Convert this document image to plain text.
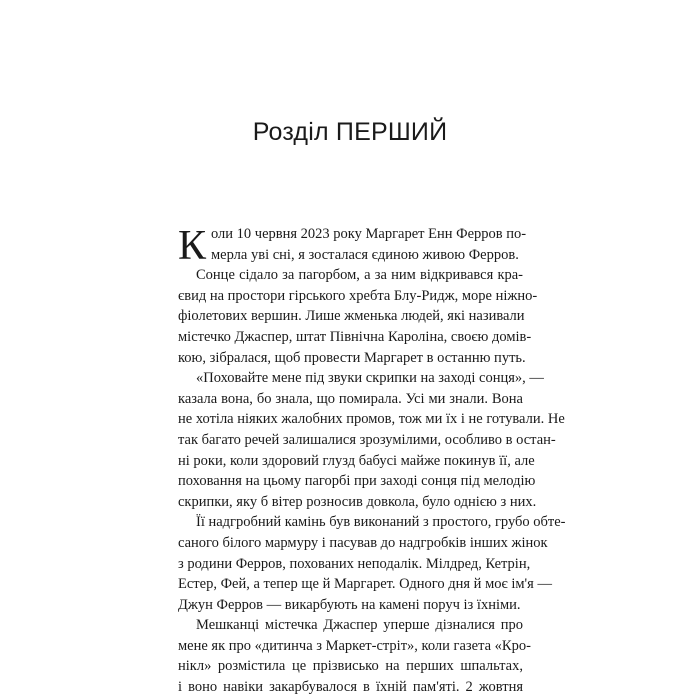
Розділ ПЕРШИЙ
К оли 10 червня 2023 року Маргарет Енн Ферров по-
мерла уві сні, я зосталася єдиною живою Ферров.
Сонце сідало за пагорбом, а за ним відкривався кра-
євид на простори гірського хребта Блу-Ридж, море ніжно-
фіолетових вершин. Лише жменька людей, які називали
містечко Джаспер, штат Північна Кароліна, своєю домів-
кою, зібралася, щоб провести Маргарет в останню путь.
«Поховайте мене під звуки скрипки на заході сонця», —
казала вона, бо знала, що помирала. Усі ми знали. Вона
не хотіла ніяких жалобних промов, тож ми їх і не готували. Не
так багато речей залишалися зрозумілими, особливо в остан-
ні роки, коли здоровий глузд бабусі майже покинув її, але
поховання на цьому пагорбі при заході сонця під мелодію
скрипки, яку б вітер розносив довкола, було однією з них.
Її надгробний камінь був виконаний з простого, грубо обте-
саного білого мармуру і пасував до надгробків інших жінок
з родини Ферров, похованих неподалік. Мілдред, Кетрін,
Естер, Фей, а тепер ще й Маргарет. Одного дня й моє ім'я —
Джун Ферров — викарбують на камені поруч із їхніми.
Мешканці містечка Джаспер уперше дізналися про
мене як про «дитинча з Маркет-стріт», коли газета «Кро-
нікл» розмістила це прізвисько на перших шпальтах,
і воно навіки закарбувалося в їхній пам'яті. 2 жовтня
